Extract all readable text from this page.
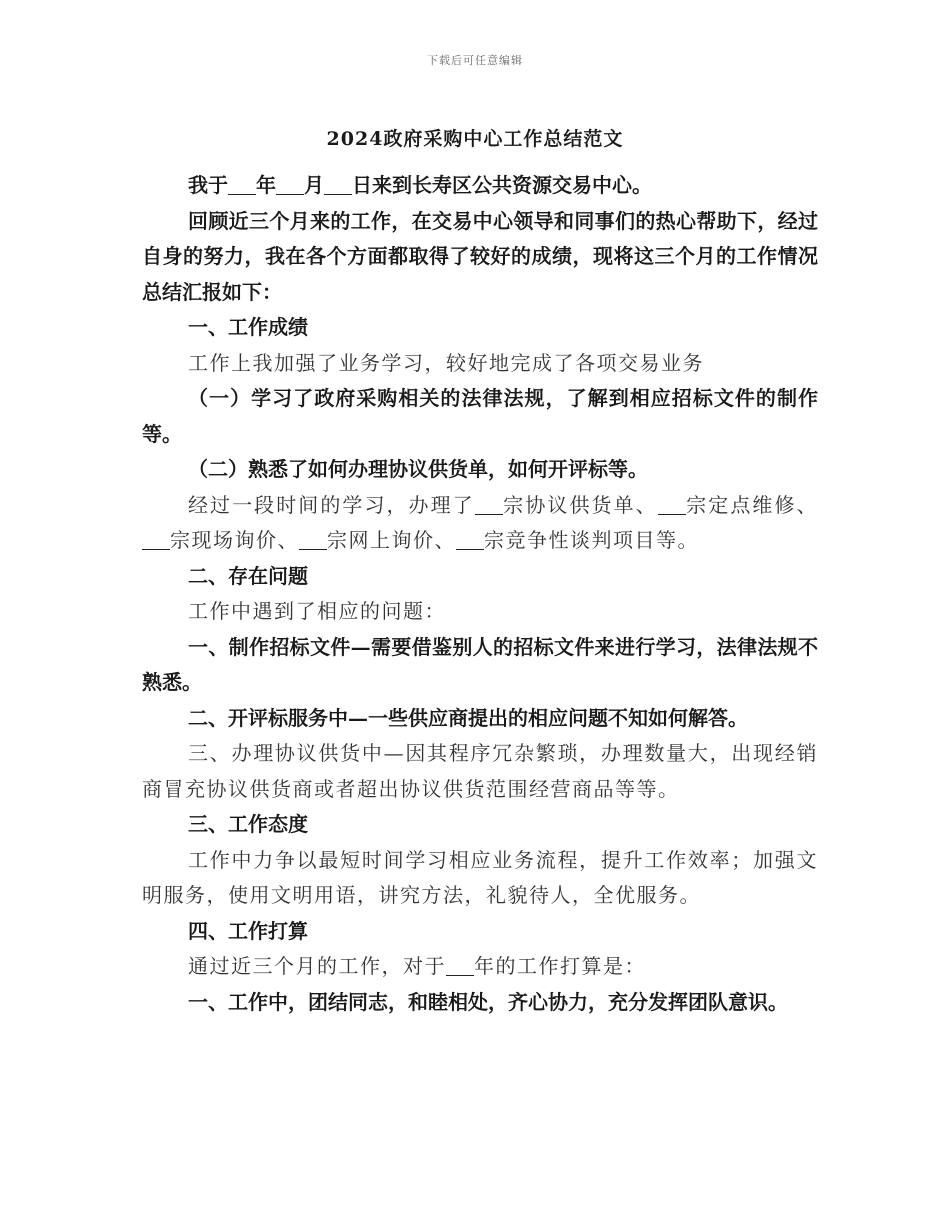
下载后可任意编辑
2024政府采购中心工作总结范文

我于 年 月 日来到长寿区公共资源交易中心。

回顾近三个月来的工作，在交易中心领导和同事们的热心帮助下，经过自身的努力，我在各个方面都取得了较好的成绩，现将这三个月的工作情况总结汇报如下：

一、工作成绩

工作上我加强了业务学习，较好地完成了各项交易业务

（一）学习了政府采购相关的法律法规，了解到相应招标文件的制作等。

（二）熟悉了如何办理协议供货单，如何开评标等。

经过一段时间的学习，办理了 宗协议供货单、 宗定点维修、宗现场询价、 宗网上询价、 宗竞争性谈判项目等。

二、存在问题

工作中遇到了相应的问题：

一、制作招标文件—需要借鉴别人的招标文件来进行学习，法律法规不熟悉。

二、开评标服务中—一些供应商提出的相应问题不知如何解答。

三、办理协议供货中—因其程序冗杂繁琐，办理数量大，出现经销商冒充协议供货商或者超出协议供货范围经营商品等等。

三、工作态度

工作中力争以最短时间学习相应业务流程，提升工作效率；加强文明服务，使用文明用语，讲究方法，礼貌待人，全优服务。

四、工作打算

通过近三个月的工作，对于 年的工作打算是：

一、工作中，团结同志，和睦相处，齐心协力，充分发挥团队意识。
